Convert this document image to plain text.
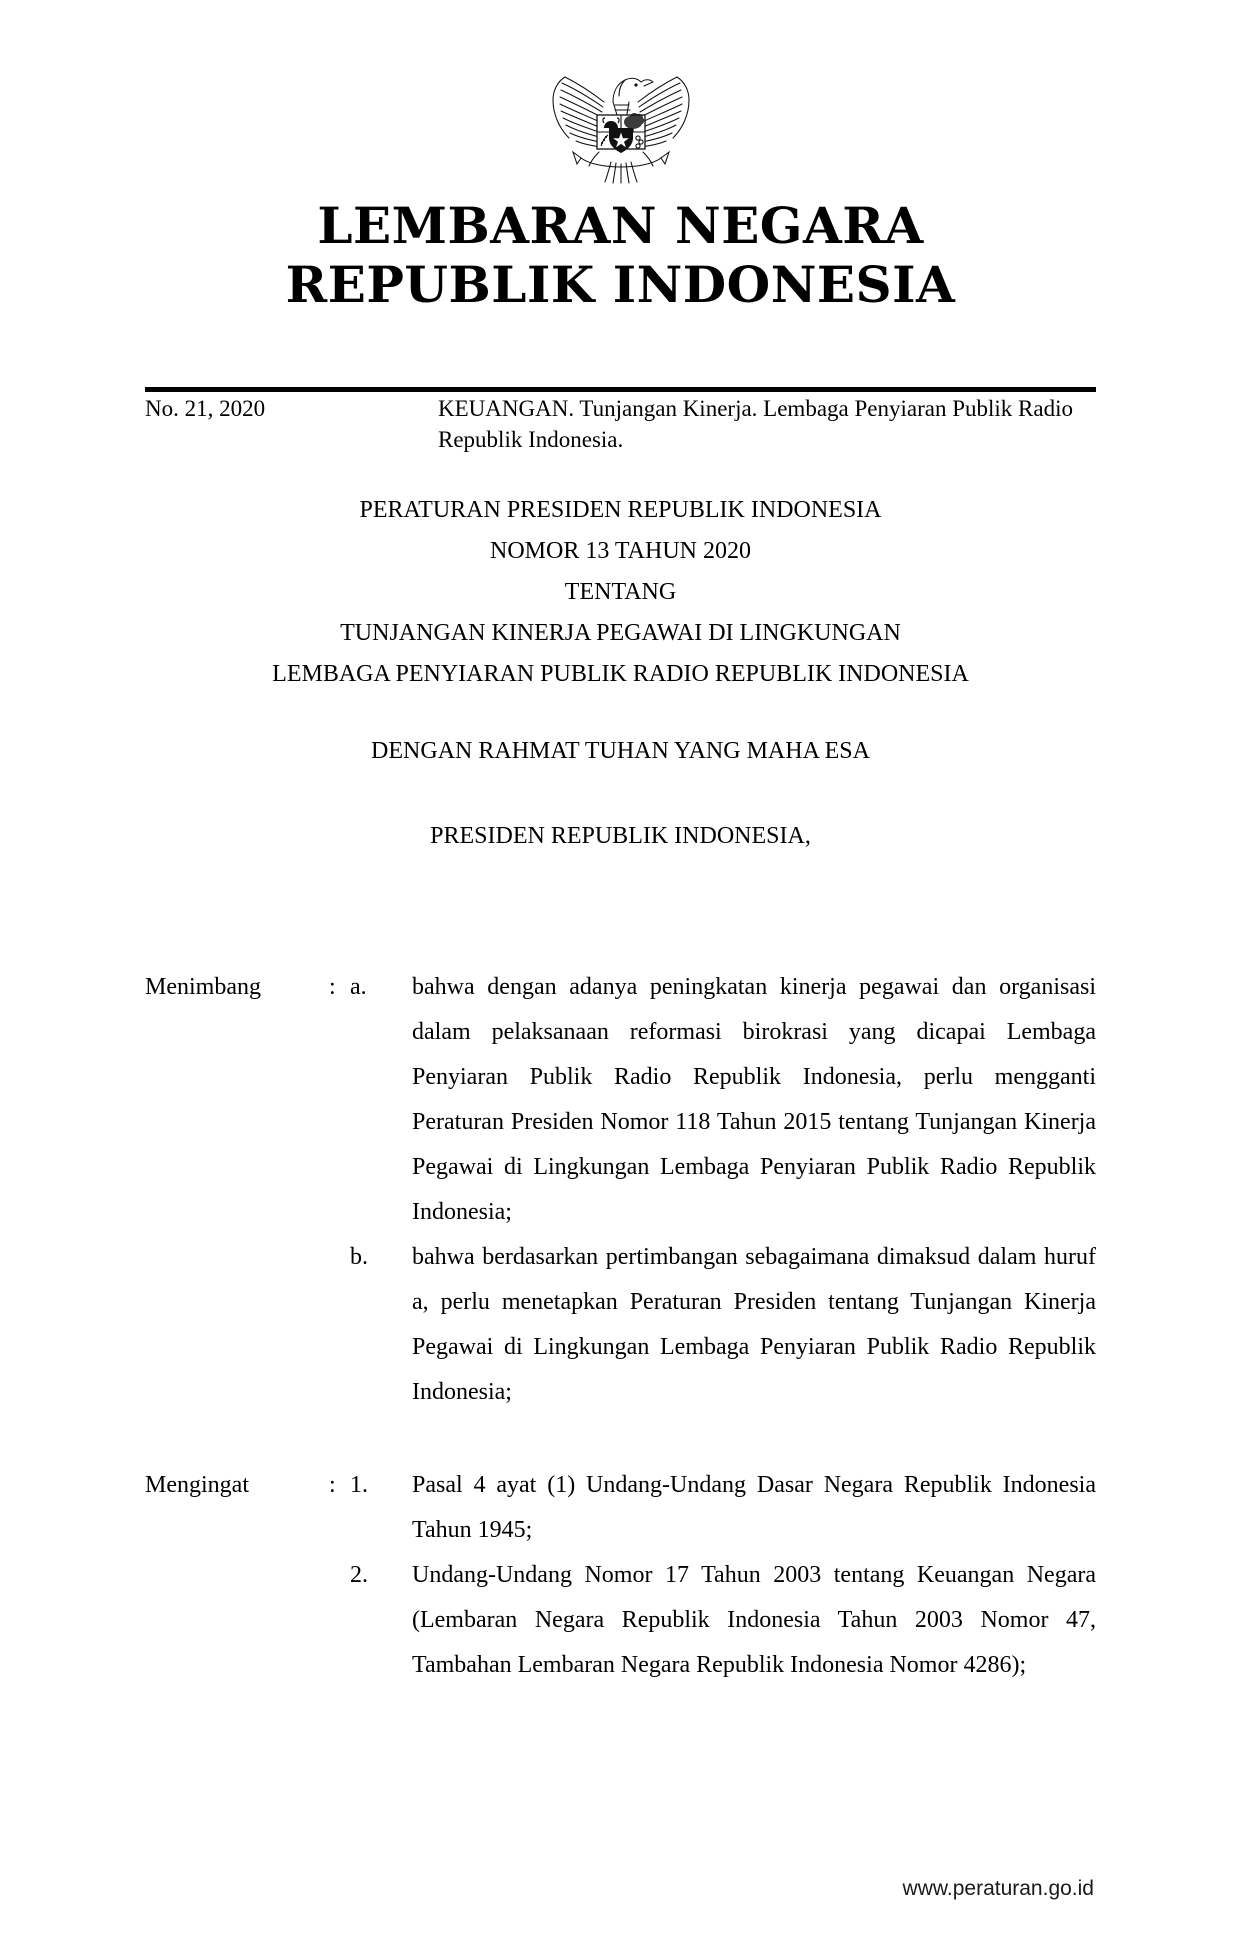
LEMBARAN NEGARA
REPUBLIK INDONESIA
No. 21, 2020	KEUANGAN. Tunjangan Kinerja. Lembaga Penyiaran Publik Radio Republik Indonesia.
PERATURAN PRESIDEN REPUBLIK INDONESIA
NOMOR 13 TAHUN 2020
TENTANG
TUNJANGAN KINERJA PEGAWAI DI LINGKUNGAN
LEMBAGA PENYIARAN PUBLIK RADIO REPUBLIK INDONESIA
DENGAN RAHMAT TUHAN YANG MAHA ESA
PRESIDEN REPUBLIK INDONESIA,
Menimbang	: a.	bahwa dengan adanya peningkatan kinerja pegawai dan organisasi dalam pelaksanaan reformasi birokrasi yang dicapai Lembaga Penyiaran Publik Radio Republik Indonesia, perlu mengganti Peraturan Presiden Nomor 118 Tahun 2015 tentang Tunjangan Kinerja Pegawai di Lingkungan Lembaga Penyiaran Publik Radio Republik Indonesia;
b.	bahwa berdasarkan pertimbangan sebagaimana dimaksud dalam huruf a, perlu menetapkan Peraturan Presiden tentang Tunjangan Kinerja Pegawai di Lingkungan Lembaga Penyiaran Publik Radio Republik Indonesia;
Mengingat	: 1.	Pasal 4 ayat (1) Undang-Undang Dasar Negara Republik Indonesia Tahun 1945;
2.	Undang-Undang Nomor 17 Tahun 2003 tentang Keuangan Negara (Lembaran Negara Republik Indonesia Tahun 2003 Nomor 47, Tambahan Lembaran Negara Republik Indonesia Nomor 4286);
www.peraturan.go.id
